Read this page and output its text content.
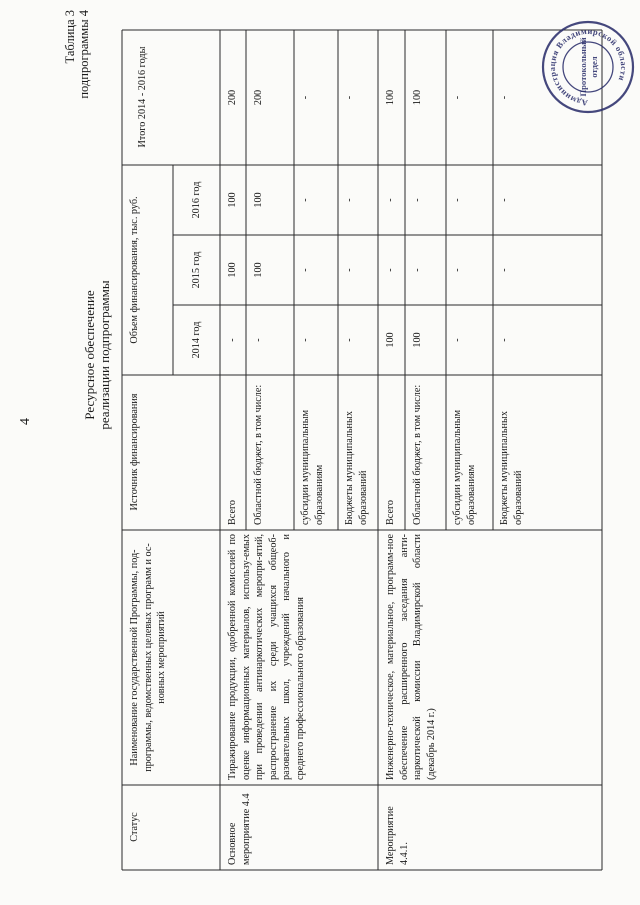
4
Таблица 3 подпрограммы 4
Ресурсное обеспечение реализации подпрограммы
Статус
Наименование государственной Программы, под-программы, ведомственных целевых программ и ос-новных мероприятий
Источник финансирования
Объем финансирования, тыс. руб.	2014 год
2015 год
2016 год
Итого 2014 - 2016 годы
Основное мероприятие 4.4
Тиражирование продукции, одобренной комиссией по оценке информационных материалов, использу-емых при проведении антинаркотических меропри-ятий, распространение их среди учащихся общеоб-разовательных школ, учреждений начального и среднего профессионального образования
Всего
-
100
100
200
Областной бюджет, в том числе:
-
100
100
200
субсидии муниципальным образованиям
-
-
-
-
Бюджеты муниципальных образований
-
-
-
-
Мероприятие 4.4.1.
Инженерно-техническое, материальное, программ-ное обеспечение расширенного заседания анти-наркотической комиссии Владимирской области (декабрь 2014 г.)
Всего
100
-
-
100
Областной бюджет, в том числе:
100
-
-
100
субсидии муниципальным образованиям
-
-
-
-
Бюджеты муниципальных образований
-
-
-
-
Администрация Владимирской области
Протокольный отдел
